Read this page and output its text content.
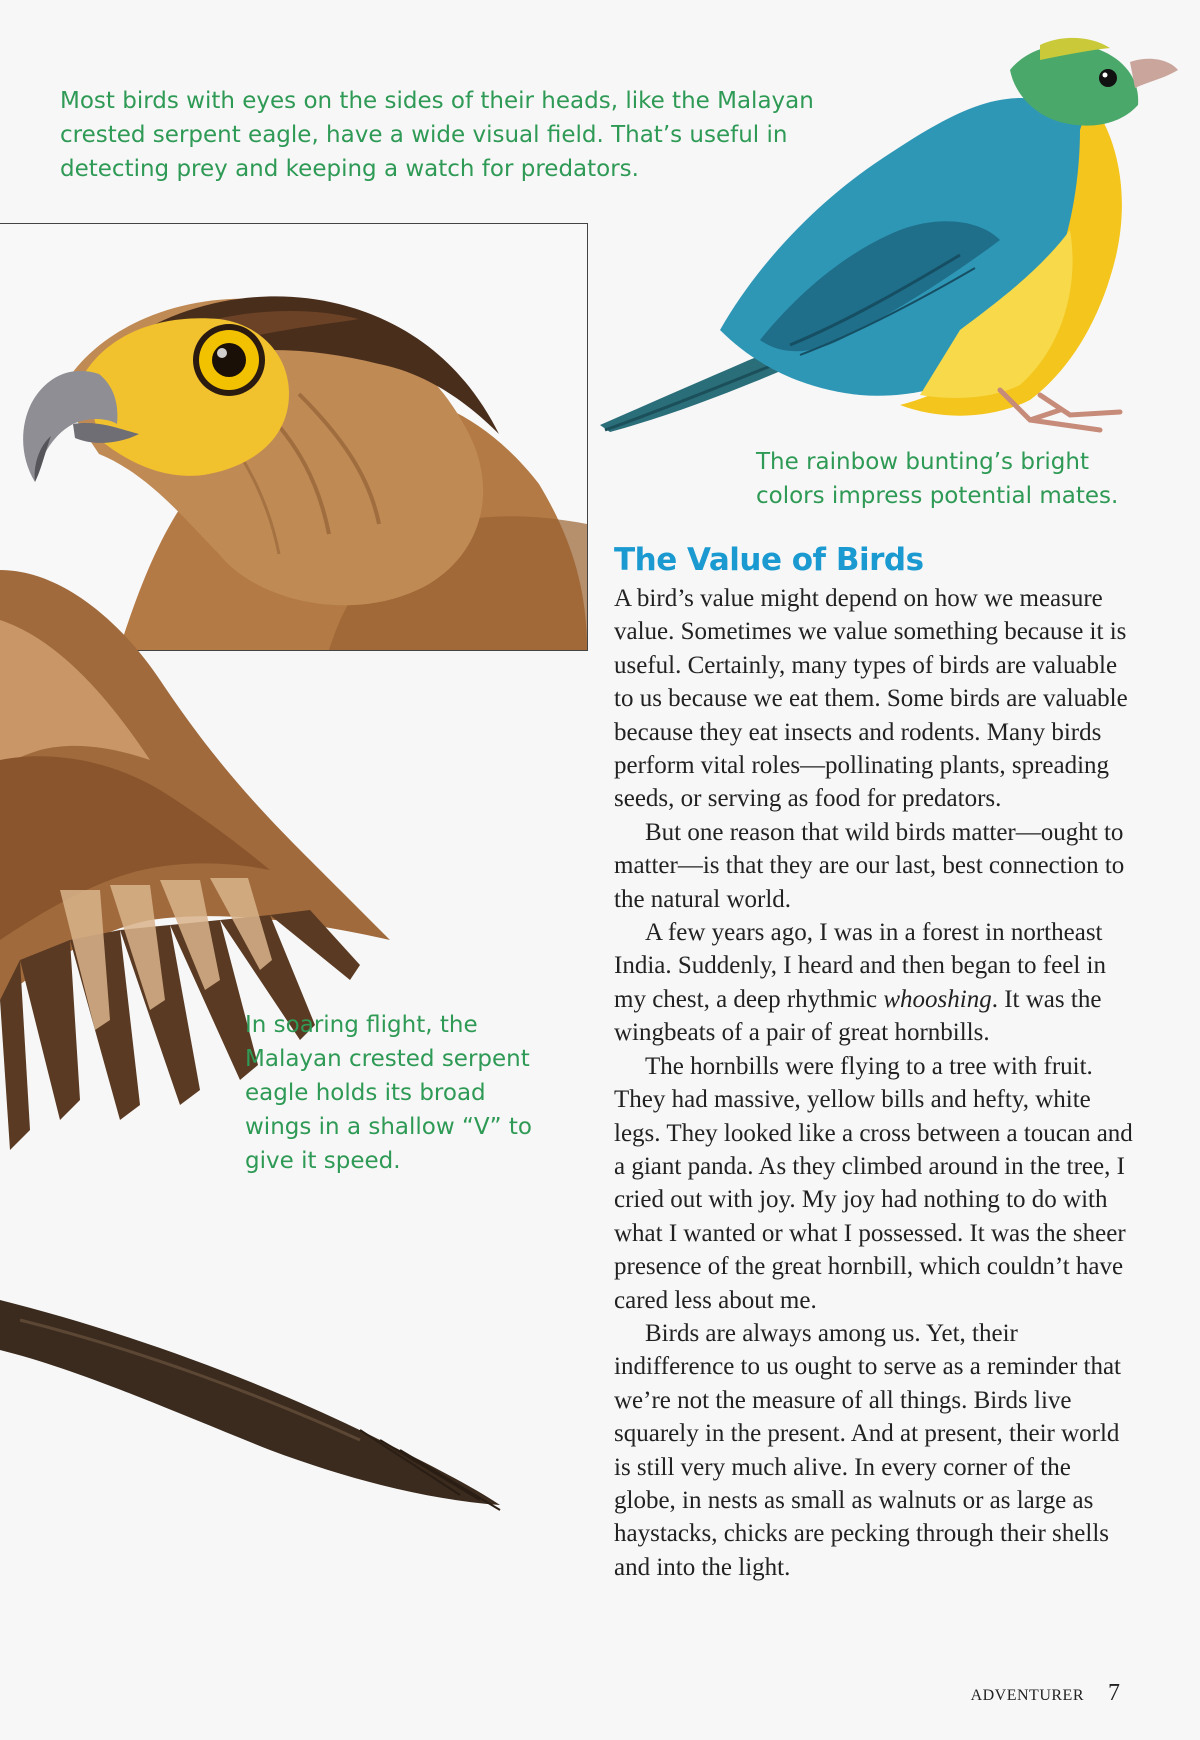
Most birds with eyes on the sides of their heads, like the Malayan crested serpent eagle, have a wide visual field. That’s useful in detecting prey and keeping a watch for predators.

The rainbow bunting’s bright colors impress potential mates.

In soaring flight, the Malayan crested serpent eagle holds its broad wings in a shallow “V” to give it speed.

The Value of Birds

A bird’s value might depend on how we measure value. Sometimes we value something because it is useful. Certainly, many types of birds are valuable to us because we eat them. Some birds are valuable because they eat insects and rodents. Many birds perform vital roles—pollinating plants, spreading seeds, or serving as food for predators.

But one reason that wild birds matter—ought to matter—is that they are our last, best connection to the natural world.

A few years ago, I was in a forest in northeast India. Suddenly, I heard and then began to feel in my chest, a deep rhythmic whooshing. It was the wingbeats of a pair of great hornbills.

The hornbills were flying to a tree with fruit. They had massive, yellow bills and hefty, white legs. They looked like a cross between a toucan and a giant panda. As they climbed around in the tree, I cried out with joy. My joy had nothing to do with what I wanted or what I possessed. It was the sheer presence of the great hornbill, which couldn’t have cared less about me.

Birds are always among us. Yet, their indifference to us ought to serve as a reminder that we’re not the measure of all things. Birds live squarely in the present. And at present, their world is still very much alive. In every corner of the globe, in nests as small as walnuts or as large as haystacks, chicks are pecking through their shells and into the light.

ADVENTURER 7
